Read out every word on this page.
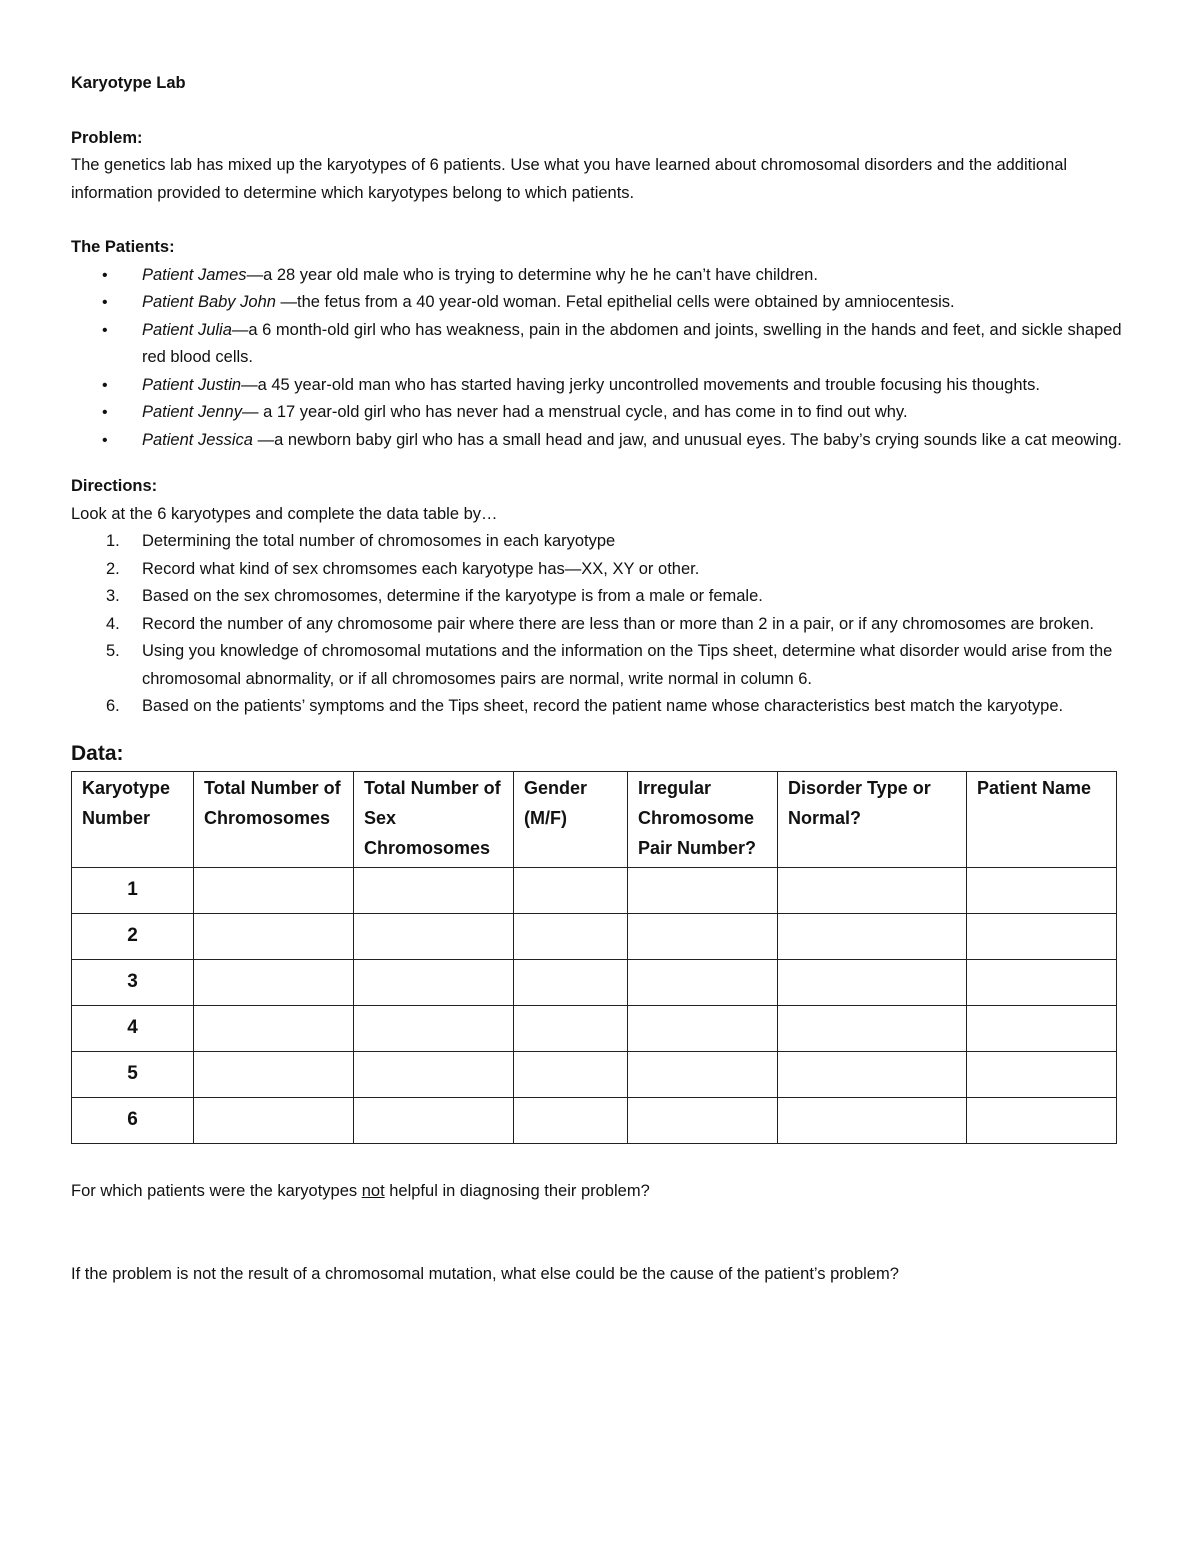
Karyotype Lab

Problem:

The genetics lab has mixed up the karyotypes of 6 patients. Use what you have learned about chromosomal disorders and the additional information provided to determine which karyotypes belong to which patients.

The Patients:

• Patient James—a 28 year old male who is trying to determine why he he can’t have children.
• Patient Baby John —the fetus from a 40 year-old woman. Fetal epithelial cells were obtained by amniocentesis.
• Patient Julia—a 6 month-old girl who has weakness, pain in the abdomen and joints, swelling in the hands and feet, and sickle shaped red blood cells.
• Patient Justin—a 45 year-old man who has started having jerky uncontrolled movements and trouble focusing his thoughts.
• Patient Jenny— a 17 year-old girl who has never had a menstrual cycle, and has come in to find out why.
• Patient Jessica —a newborn baby girl who has a small head and jaw, and unusual eyes. The baby’s crying sounds like a cat meowing.

Directions:

Look at the 6 karyotypes and complete the data table by…

1. Determining the total number of chromosomes in each karyotype
2. Record what kind of sex chromsomes each karyotype has—XX, XY or other.
3. Based on the sex chromosomes, determine if the karyotype is from a male or female.
4. Record the number of any chromosome pair where there are less than or more than 2 in a pair, or if any chromosomes are broken.
5. Using you knowledge of chromosomal mutations and the information on the Tips sheet, determine what disorder would arise from the chromosomal abnormality, or if all chromosomes pairs are normal, write normal in column 6.
6. Based on the patients’ symptoms and the Tips sheet, record the patient name whose characteristics best match the karyotype.

Data:

Karyotype Number	Total Number of Chromosomes	Total Number of Sex Chromosomes	Gender (M/F)	Irregular Chromosome Pair Number?	Disorder Type or Normal?	Patient Name
1						
2						
3						
4						
5						
6						

For which patients were the karyotypes not helpful in diagnosing their problem?

If the problem is not the result of a chromosomal mutation, what else could be the cause of the patient’s problem?
